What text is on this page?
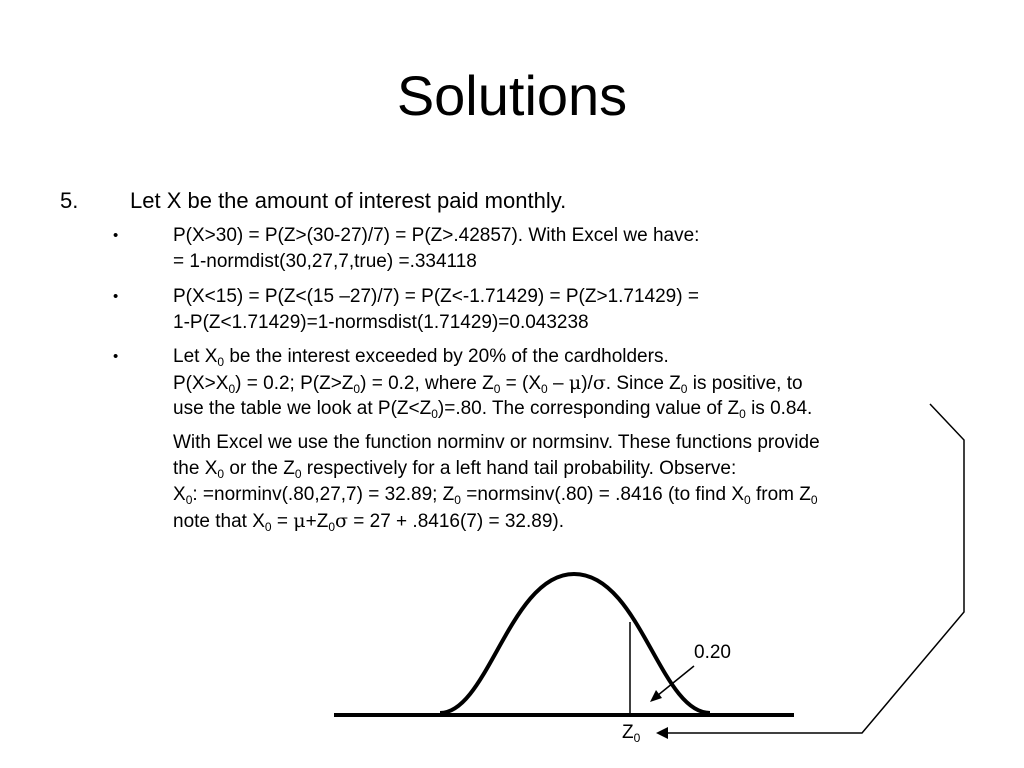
Solutions
5. Let X be the amount of interest paid monthly.
•	P(X>30) = P(Z>(30-27)/7) = P(Z>.42857). With Excel we have:
= 1-normdist(30,27,7,true) =.334118
•	P(X<15) = P(Z<(15 –27)/7) = P(Z<-1.71429) = P(Z>1.71429) =
1-P(Z<1.71429)=1-normsdist(1.71429)=0.043238
•	Let $X_0$ be the interest exceeded by 20% of the cardholders.
$P(X>X_0) = 0.2$; $P(Z>Z_0) = 0.2$, where $Z_0 = (X_0 - \mu)/\sigma$. Since $Z_0$ is positive, to
use the table we look at $P(Z<Z_0)=.80$. The corresponding value of $Z_0$ is 0.84.
With Excel we use the function norminv or normsinv. These functions provide
the $X_0$ or the $Z_0$ respectively for a left hand tail probability. Observe:
$X_0$: =norminv(.80,27,7) = 32.89; $Z_0$ =normsinv(.80) = .8416 (to find $X_0$ from $Z_0$
note that $X_0 = \mu+Z_0\sigma = 27 + .8416(7) = 32.89$).
$Z_0$
0.20
